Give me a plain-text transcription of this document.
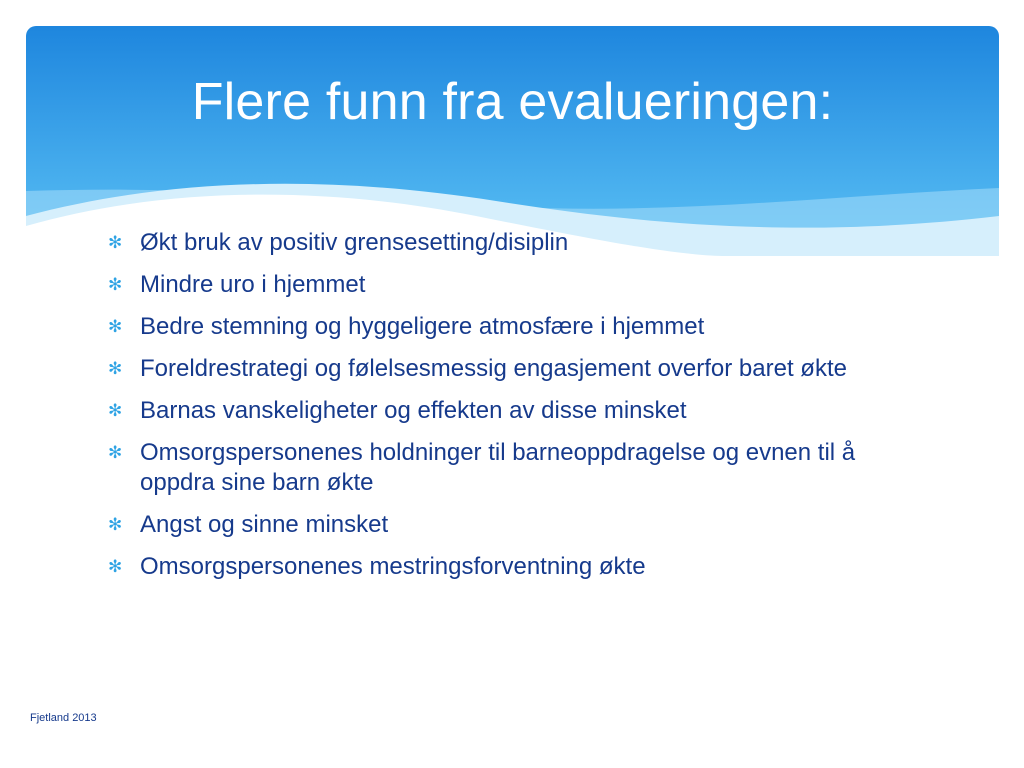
Flere funn fra evalueringen:
✻ Økt bruk av positiv grensesetting/disiplin
✻ Mindre uro i hjemmet
✻ Bedre stemning og hyggeligere atmosfære i hjemmet
✻ Foreldrestrategi og følelsesmessig engasjement overfor baret økte
✻ Barnas vanskeligheter og effekten av disse minsket
✻ Omsorgspersonenes holdninger til barneoppdragelse og evnen til å oppdra sine barn økte
✻ Angst og sinne minsket
✻ Omsorgspersonenes mestringsforventning økte
Fjetland 2013
